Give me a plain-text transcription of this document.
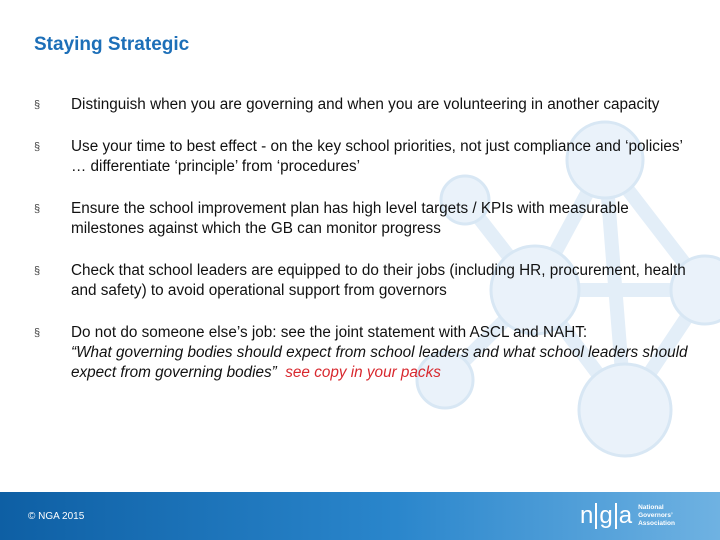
Staying Strategic
§ Distinguish when you are governing and when you are volunteering in another capacity
§ Use your time to best effect - on the key school priorities, not just compliance and ‘policies’ … differentiate ‘principle’ from ‘procedures’
§ Ensure the school improvement plan has high level targets / KPIs with measurable milestones against which the GB can monitor progress
§ Check that school leaders are equipped to do their jobs (including HR, procurement, health and safety) to avoid operational support from governors
§ Do not do someone else’s job: see the joint statement with ASCL and NAHT:
“What governing bodies should expect from school leaders and what school leaders should expect from governing bodies” see copy in your packs
© NGA 2015	n g a National
Governors’
Association
